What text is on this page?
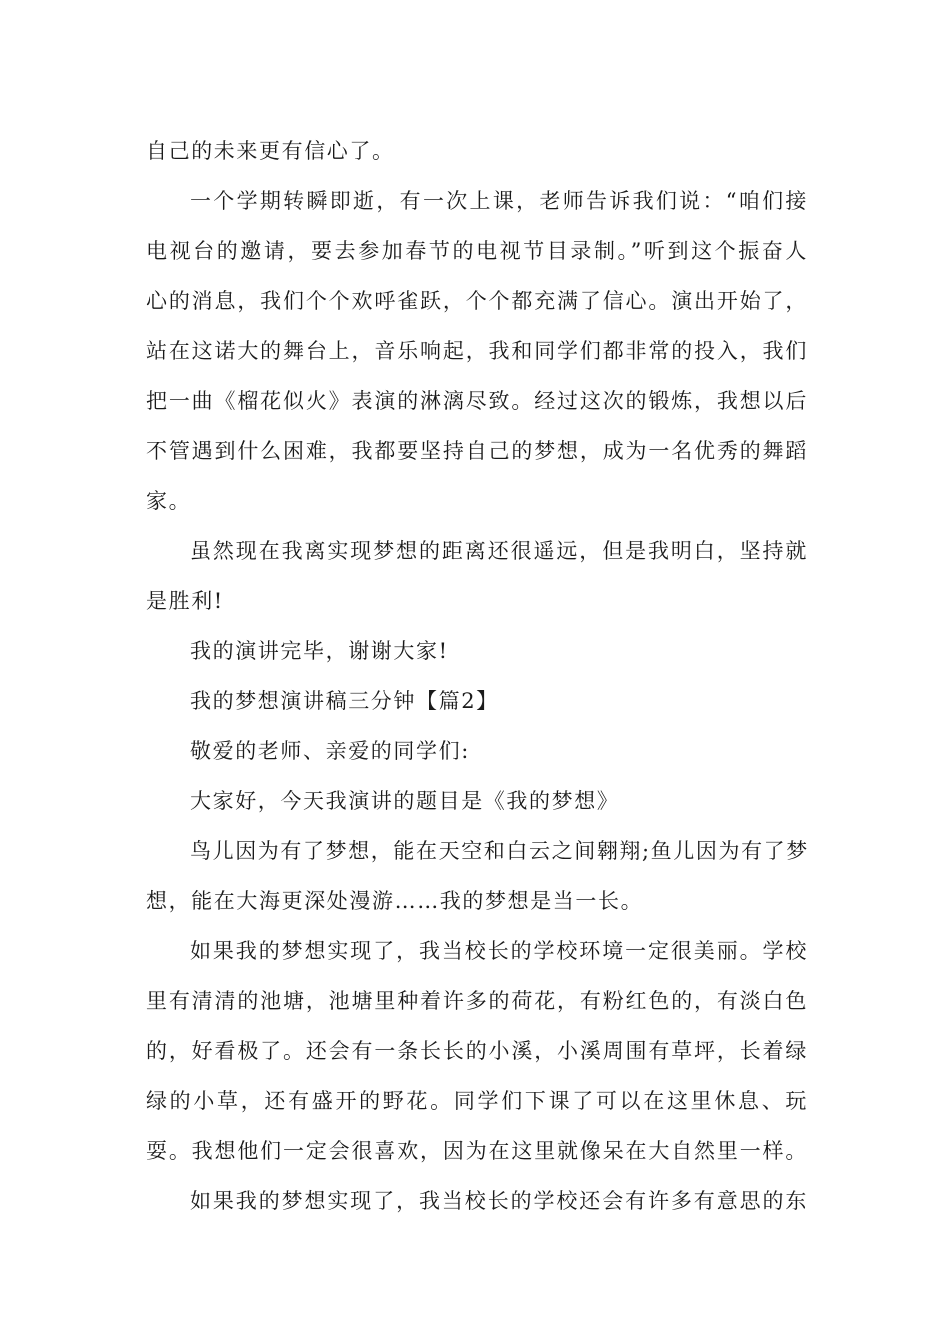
自己的未来更有信心了。
一个学期转瞬即逝，有一次上课，老师告诉我们说：“咱们接
电视台的邀请，要去参加春节的电视节目录制。”听到这个振奋人
心的消息，我们个个欢呼雀跃，个个都充满了信心。演出开始了，
站在这诺大的舞台上，音乐响起，我和同学们都非常的投入，我们
把一曲《榴花似火》表演的淋漓尽致。经过这次的锻炼，我想以后
不管遇到什么困难，我都要坚持自己的梦想，成为一名优秀的舞蹈
家。
虽然现在我离实现梦想的距离还很遥远，但是我明白，坚持就
是胜利!
我的演讲完毕，谢谢大家!
我的梦想演讲稿三分钟【篇2】
敬爱的老师、亲爱的同学们:
大家好，今天我演讲的题目是《我的梦想》
鸟儿因为有了梦想，能在天空和白云之间翱翔;鱼儿因为有了梦
想，能在大海更深处漫游……我的梦想是当一长。
如果我的梦想实现了，我当校长的学校环境一定很美丽。学校
里有清清的池塘，池塘里种着许多的荷花，有粉红色的，有淡白色
的，好看极了。还会有一条长长的小溪，小溪周围有草坪，长着绿
绿的小草，还有盛开的野花。同学们下课了可以在这里休息、玩
耍。我想他们一定会很喜欢，因为在这里就像呆在大自然里一样。
如果我的梦想实现了，我当校长的学校还会有许多有意思的东
